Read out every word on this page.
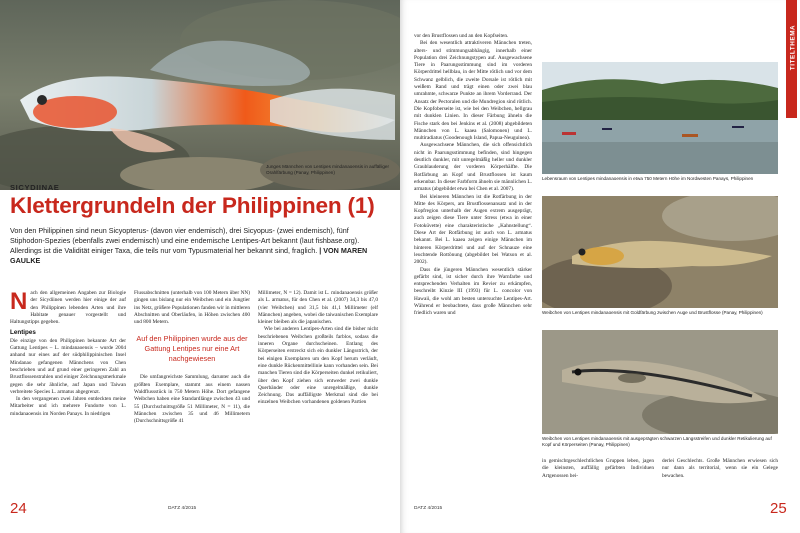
Junges Männchen von Lentipes mindanaoensis in auffälliger Orahlfärbung (Panay, Philippinen)
SICYDIINAE
Klettergrundeln der Philippinen (1)
Von den Philippinen sind neun Sicyopterus- (davon vier endemisch), drei Sicyopus- (zwei endemisch), fünf Stiphodon-Spezies (ebenfalls zwei endemisch) und eine endemische Lentipes-Art bekannt (laut fishbase.org). Allerdings ist die Validität einiger Taxa, die teils nur vom Typusmaterial her bekannt sind, fraglich. | VON MAREN GAULKE

Nach den allgemeinen Angaben zur Biologie der Sicydiinen werden hier einige der auf den Philippinen lebenden Arten und ihre Habitate genauer vorgestellt und Haltungstipps gegeben.

Lentipes

Die einzige von den Philippinen bekannte Art der Gattung Lentipes – L. mindanaoensis – wurde 2004 anhand nur eines auf der südphilippinischen Insel Mindanao gefangenen Männchens von Chen beschrieben und auf grund einer geringeren Zahl an Brustflossenstrahlen und einiger Zeichnungsmerkmale gegen die sehr ähnliche, auf Japan und Taiwan verbreitete Species L. armatus abgegrenzt.

In den vergangenen zwei Jahren entdeckten meine Mitarbeiter und ich mehrere Fundorte von L. mindanaoensis im Norden Panays. In niedrigen

Flussabschnitten (unterhalb von 100 Metern über NN) gingen uns bislang nur ein Weibchen und ein Jungtier ins Netz, größere Populationen fanden wir in mittleren Abschnitten und Oberläufen, in Höhen zwischen 400 und 800 Metern.

Auf den Philippinen wurde aus der Gattung Lentipes nur eine Art nachgewiesen

Die umfangreichste Sammlung, darunter auch die größten Exemplare, stammt aus einem nassen Waldflussstück in 750 Metern Höhe. Dort gefangene Weibchen haben eine Standardlänge zwischen 43 und 55 (Durchschnittsgröße 51 Millimeter, N = 11), die Männchen zwischen 35 und 46 Millimetern (Durchschnittsgröße 41

Millimeter, N = 12). Damit ist L. mindanaoensis größer als L. armatus, für den Chen et al. (2007) 34,3 bis 47,0 (vier Weibchen) und 31,5 bis 41,1 Millimeter (elf Männchen) angeben, wobei die taiwanischen Exemplare kleiner bleiben als die japanischen.

Wie bei anderen Lentipes-Arten sind die bisher nicht beschriebenen Weibchen großteils farblos, sodass die inneren Organe durchscheinen. Entlang des Körperseiten erstreckt sich ein dunkler Längsstrich, der bei einigen Exemplaren um den Kopf herum verläuft, eine dunkle Rückenmittellinie kann vorhanden sein. Bei manchen Tieren sind die Körperseiten dunkel retikuliert, über den Kopf ziehen sich entweder zwei dunkle Querbänder oder eine unregelmäßige, dunkle Zeichnung. Das auffälligste Merkmal sind die bei einzelnen Weibchen vorhandenen goldenen Partien

24	DATZ 4/2015

vor den Brustflossen und an den Kopfseiten.

Bei den wesentlich attraktiveren Männchen treten, alters- und stimmungsabhängig, innerhalb einer Population drei Zeichnungstypen auf. Ausgewachsene Tiere in Paarungsstimmung sind im vorderen Körperdrittel hellblau, in der Mitte rötlich und vor dem Schwanz gelblich, die zweite Dorsale ist rötlich mit weißem Rand und trägt einen oder zwei blau umrahmte, schwarze Punkte an ihrem Vorderrand. Der Ansatz der Pectoralen und die Mundregion sind rötlich. Die Kopfoberseite ist, wie bei den Weibchen, hellgrau mit dunklen Linien. In dieser Färbung ähneln die Fische stark den bei Jenkins et al. (2008) abgebildeten Männchen von L. kaaea (Salomonen) und L. multiradiatus (Goodenough Island, Papua-Neuguinea).

Ausgewachsene Männchen, die sich offensichtlich nicht in Paarungsstimmung befinden, sind hingegen deutlich dunkler, mit unregelmäßig heller und dunkler Graublauderung der vorderen Körperhälfte. Die Rotfärbung an Kopf und Brustflossen ist kaum erkennbar. In dieser Farbform ähneln sie männlichen L. armatus (abgebildet etwa bei Chen et al. 2007).

Bei kleineren Männchen ist die Rotfärbung in der Mitte des Körpers, am Brustflossenansatz und in der Kopfregion unterhalb der Augen extrem ausgeprägt, auch zeigen diese Tiere unter Stress (etwa in einer Fotoküvette) eine charakteristische „Kahnstellung“. Diese Art der Rotfärbung ist auch von L. armatus bekannt. Bei L. kaaea zeigen einige Männchen im hinteren Körperdrittel und auf der Schnauze eine leuchtende Rottönung (abgebildet bei Watson et al. 2002).

Dass die jüngeren Männchen wesentlich stärker gefärbt sind, ist sicher durch ihre Warnfarbe und entsprechenden Verhalten im Revier zu erkämpfen, beschreibt Kinzie III (1993) für L. concolor von Hawaii, die wohl am besten untersuchte Lentipes-Art. Während er beobachtete, dass große Männchen sehr friedlich waren und

Lebensraum von Lentipes mindanaoensis in etwa 750 Metern Höhe im Nordwesten Panays, Philippinen
Weibchen von Lentipes mindanaoensis mit Goldfärbung zwischen Auge und Brustflosse (Panay, Philippinen)
Weibchen von Lentipes mindanaoensis mit ausgeprägten schwarzen Längsstreifen und dunkler Retikulierung auf Kopf und Körperseiten (Panay, Philippinen)

in gemischtgeschlechtlichen Gruppen leben, jagen die kleinsten, auffällig gefärbten Individuen Artgenossen bei-

derlei Geschlechts. Große Männchen erwiesen sich nur dann als territorial, wenn sie ein Gelege bewachen.

TITELTHEMA
DATZ 4/2015	25
